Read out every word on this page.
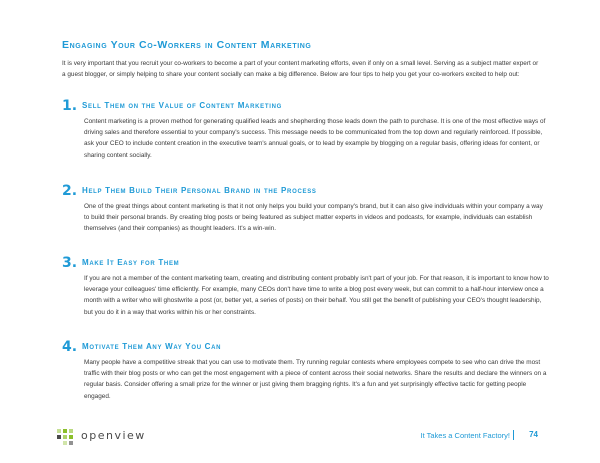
Engaging Your Co-Workers in Content Marketing
It is very important that you recruit your co-workers to become a part of your content marketing efforts, even if only on a small level. Serving as a subject matter expert or a guest blogger, or simply helping to share your content socially can make a big difference. Below are four tips to help you get your co-workers excited to help out:
1. Sell Them on the Value of Content Marketing
Content marketing is a proven method for generating qualified leads and shepherding those leads down the path to purchase. It is one of the most effective ways of driving sales and therefore essential to your company's success. This message needs to be communicated from the top down and regularly reinforced. If possible, ask your CEO to include content creation in the executive team's annual goals, or to lead by example by blogging on a regular basis, offering ideas for content, or sharing content socially.
2. Help Them Build Their Personal Brand in the Process
One of the great things about content marketing is that it not only helps you build your company's brand, but it can also give individuals within your company a way to build their personal brands. By creating blog posts or being featured as subject matter experts in videos and podcasts, for example, individuals can establish themselves (and their companies) as thought leaders. It's a win-win.
3. Make It Easy for Them
If you are not a member of the content marketing team, creating and distributing content probably isn't part of your job. For that reason, it is important to know how to leverage your colleagues' time efficiently. For example, many CEOs don't have time to write a blog post every week, but can commit to a half-hour interview once a month with a writer who will ghostwrite a post (or, better yet, a series of posts) on their behalf. You still get the benefit of publishing your CEO's thought leadership, but you do it in a way that works within his or her constraints.
4. Motivate Them Any Way You Can
Many people have a competitive streak that you can use to motivate them. Try running regular contests where employees compete to see who can drive the most traffic with their blog posts or who can get the most engagement with a piece of content across their social networks. Share the results and declare the winners on a regular basis. Consider offering a small prize for the winner or just giving them bragging rights. It's a fun and yet surprisingly effective tactic for getting people engaged.
openview	It Takes a Content Factory! 74
